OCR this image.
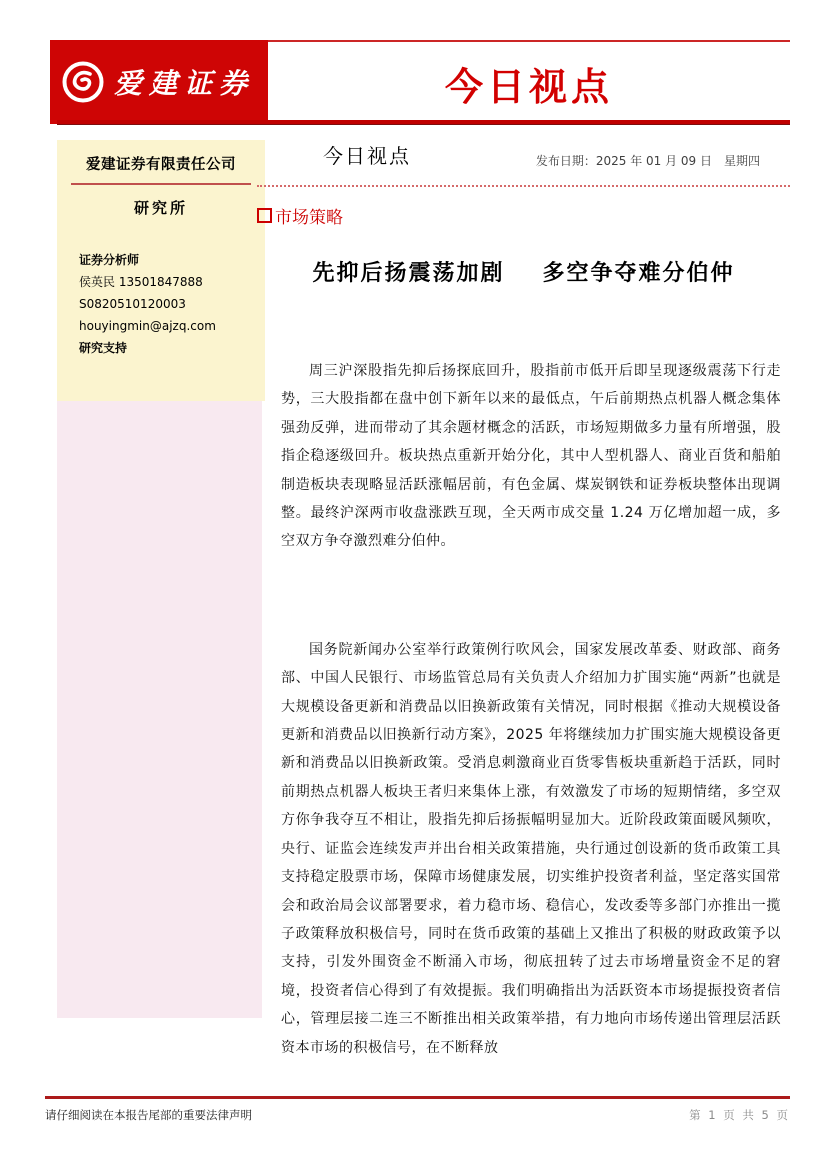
爱建证券	今日视点
爱建证券有限责任公司
研究所
证券分析师
侯英民 13501847888
S0820510120003
houyingmin@ajzq.com
研究支持
今日视点	发布日期：2025 年 01 月 09 日　星期四
市场策略
先抑后扬震荡加剧 多空争夺难分伯仲

周三沪深股指先抑后扬探底回升，股指前市低开后即呈现逐级震荡下行走势，三大股指都在盘中创下新年以来的最低点，午后前期热点机器人概念集体强劲反弹，进而带动了其余题材概念的活跃，市场短期做多力量有所增强，股指企稳逐级回升。板块热点重新开始分化，其中人型机器人、商业百货和船舶制造板块表现略显活跃涨幅居前，有色金属、煤炭钢铁和证券板块整体出现调整。最终沪深两市收盘涨跌互现，全天两市成交量 1.24 万亿增加超一成，多空双方争夺激烈难分伯仲。

国务院新闻办公室举行政策例行吹风会，国家发展改革委、财政部、商务部、中国人民银行、市场监管总局有关负责人介绍加力扩围实施“两新”也就是大规模设备更新和消费品以旧换新政策有关情况，同时根据《推动大规模设备更新和消费品以旧换新行动方案》，2025 年将继续加力扩围实施大规模设备更新和消费品以旧换新政策。受消息刺激商业百货零售板块重新趋于活跃，同时前期热点机器人板块王者归来集体上涨，有效激发了市场的短期情绪，多空双方你争我夺互不相让，股指先抑后扬振幅明显加大。近阶段政策面暖风频吹，央行、证监会连续发声并出台相关政策措施，央行通过创设新的货币政策工具支持稳定股票市场，保障市场健康发展，切实维护投资者利益，坚定落实国常会和政治局会议部署要求，着力稳市场、稳信心，发改委等多部门亦推出一揽子政策释放积极信号，同时在货币政策的基础上又推出了积极的财政政策予以支持，引发外围资金不断涌入市场，彻底扭转了过去市场增量资金不足的窘境，投资者信心得到了有效提振。我们明确指出为活跃资本市场提振投资者信心，管理层接二连三不断推出相关政策举措，有力地向市场传递出管理层活跃资本市场的积极信号，在不断释放

请仔细阅读在本报告尾部的重要法律声明	第 1 页 共 5 页
